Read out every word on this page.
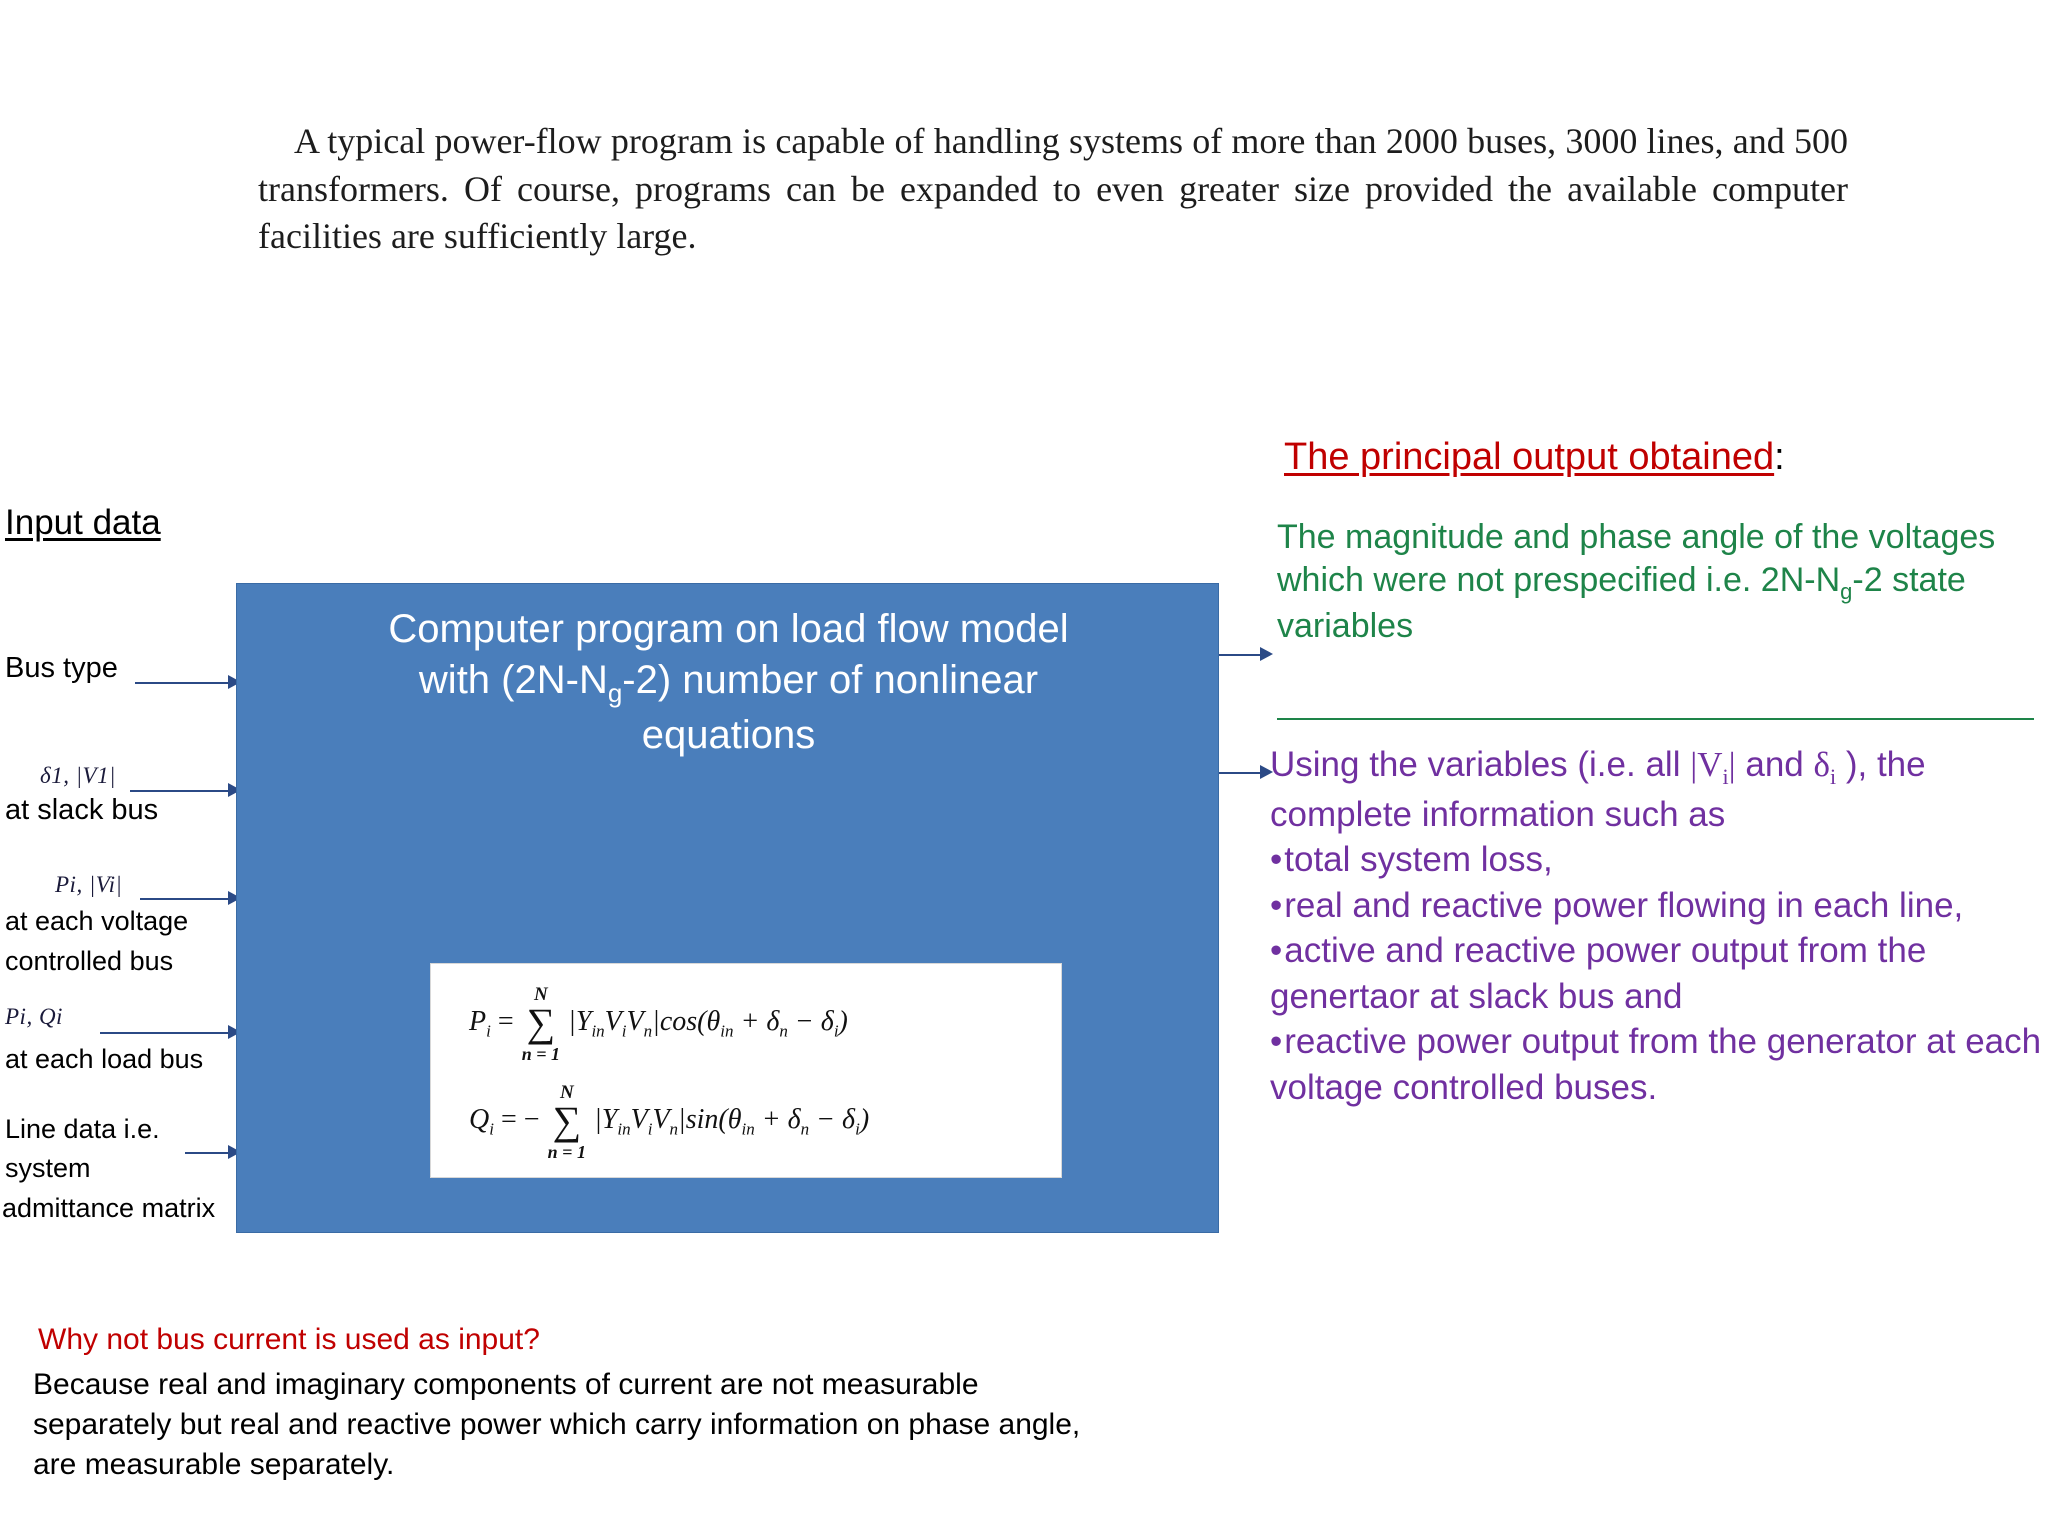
A typical power-flow program is capable of handling systems of more than 2000 buses, 3000 lines, and 500 transformers. Of course, programs can be expanded to even greater size provided the available computer facilities are sufficiently large.
Input data
Bus type
δ1, |V1|
at slack bus
Pi, |Vi|
at each voltage
controlled bus
Pi, Qi
at each load bus
Line data i.e.
system
admittance matrix
Computer program on load flow model
with $(2N-N_g-2)$ number of nonlinear
equations
$P_i$ =
N
∑
n = 1
$|Y_{in}V_iV_n|\cos(\theta_{in} + \delta_n - \delta_i)$
$Q_i$ = −
N
∑
n = 1
$|Y_{in}V_iV_n|\sin(\theta_{in} + \delta_n - \delta_i)$
The principal output obtained:
The magnitude and phase angle of the voltages which were not prespecified i.e. $2N-N_g-2$ state variables
Using the variables (i.e. all $|V_i|$ and $\delta_i$ ), the complete information such as
• total system loss,
• real and reactive power flowing in each line,
• active and reactive power output from the genertaor at slack bus and
• reactive power output from the generator at each voltage controlled buses.
Why not bus current is used as input?
Because real and imaginary components of current are not measurable separately but real and reactive power which carry information on phase angle, are measurable separately.
